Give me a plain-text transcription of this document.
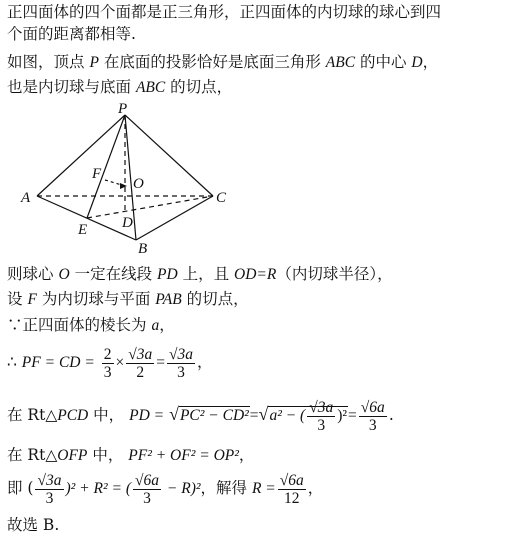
正四面体的四个面都是正三角形，正四面体的内切球的球心到四
个面的距离都相等.
如图，顶点 P 在底面的投影恰好是底面三角形 ABC 的中心 D，
也是内切球与底面 ABC 的切点，
P
A
B
C
D
E
F
O
则球心 O 一定在线段 PD 上，且 OD=R（内切球半径），
设 F 为内切球与平面 PAB 的切点，
∵正四面体的棱长为 a，
∴ PF = CD = $\frac{2}{3} \times \frac{√3a}{2} = \frac{√3a}{3}$ ，
在 Rt△PCD 中， PD = √PC² − CD²=√a² − ( $\frac{√3a}{3} )^2= \frac{√6a}{3}$ .
在 Rt△OFP 中， PF² + OF² = OP²，
即 ( $\frac{√3a}{3} )^2 + R^2$ = ( $\frac{√6a}{3} - R)^2$，解得 $R = \frac{√6a}{12}$ ，
故选 B.
